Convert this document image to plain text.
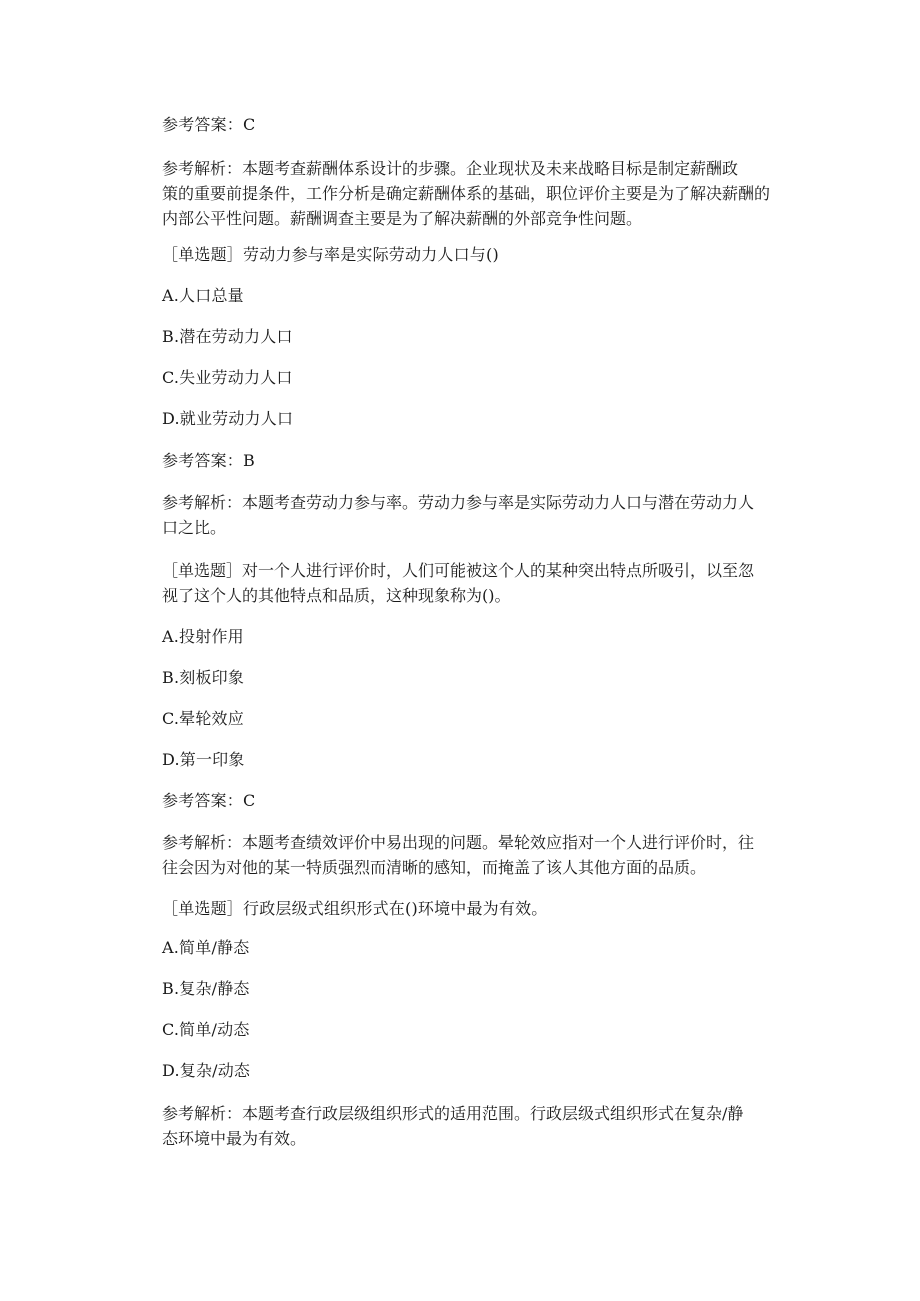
参考答案：C
参考解析：本题考查薪酬体系设计的步骤。企业现状及未来战略目标是制定薪酬政
策的重要前提条件，工作分析是确定薪酬体系的基础，职位评价主要是为了解决薪酬的
内部公平性问题。薪酬调查主要是为了解决薪酬的外部竞争性问题。
［单选题］劳动力参与率是实际劳动力人口与()
A.人口总量
B.潜在劳动力人口
C.失业劳动力人口
D.就业劳动力人口
参考答案：B
参考解析：本题考查劳动力参与率。劳动力参与率是实际劳动力人口与潜在劳动力人
口之比。
［单选题］对一个人进行评价时，人们可能被这个人的某种突出特点所吸引，以至忽
视了这个人的其他特点和品质，这种现象称为()。
A.投射作用
B.刻板印象
C.晕轮效应
D.第一印象
参考答案：C
参考解析：本题考查绩效评价中易出现的问题。晕轮效应指对一个人进行评价时，往
往会因为对他的某一特质强烈而清晰的感知，而掩盖了该人其他方面的品质。
［单选题］行政层级式组织形式在()环境中最为有效。
A.简单/静态
B.复杂/静态
C.简单/动态
D.复杂/动态
参考解析：本题考查行政层级组织形式的适用范围。行政层级式组织形式在复杂/静
态环境中最为有效。
